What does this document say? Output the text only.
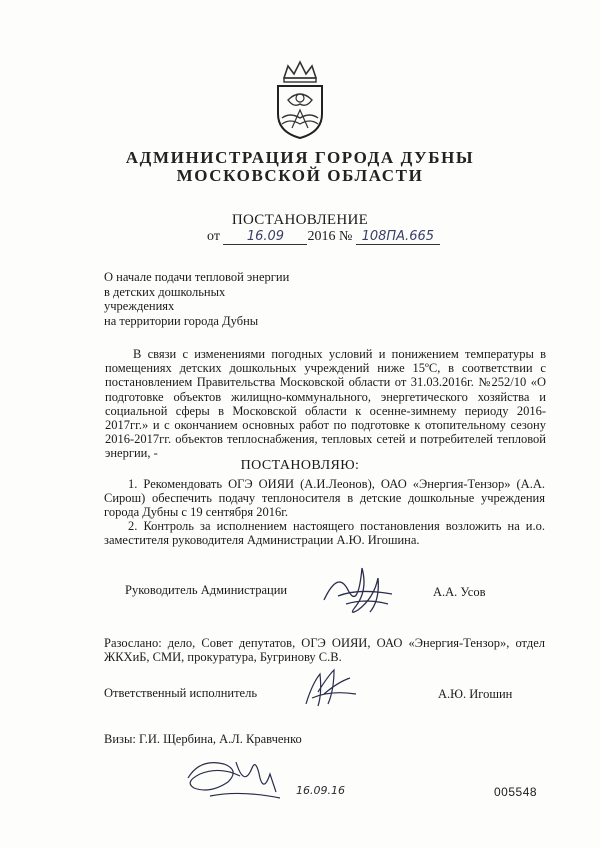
АДМИНИСТРАЦИЯ ГОРОДА ДУБНЫ
МОСКОВСКОЙ ОБЛАСТИ
ПОСТАНОВЛЕНИЕ
от 16.09 2016 № 108ПА.665
О начале подачи тепловой энергии
в детских дошкольных
учреждениях
на территории города Дубны
В связи с изменениями погодных условий и понижением температуры в помещениях детских дошкольных учреждений ниже 15ºС, в соответствии с постановлением Правительства Московской области от 31.03.2016г. №252/10 «О подготовке объектов жилищно-коммунального, энергетического хозяйства и социальной сферы в Московской области к осенне-зимнему периоду 2016-2017гг.» и с окончанием основных работ по подготовке к отопительному сезону 2016-2017гг. объектов теплоснабжения, тепловых сетей и потребителей тепловой энергии, -
ПОСТАНОВЛЯЮ:
1. Рекомендовать ОГЭ ОИЯИ (А.И.Леонов), ОАО «Энергия-Тензор» (А.А. Сирош) обеспечить подачу теплоносителя в детские дошкольные учреждения города Дубны с 19 сентября 2016г.
2. Контроль за исполнением настоящего постановления возложить на и.о. заместителя руководителя Администрации А.Ю. Игошина.
Руководитель Администрации	А.А. Усов
Разослано: дело, Совет депутатов, ОГЭ ОИЯИ, ОАО «Энергия-Тензор», отдел ЖКХиБ, СМИ, прокуратура, Бугринову С.В.
Ответственный исполнитель	А.Ю. Игошин
Визы: Г.И. Щербина, А.Л. Кравченко
16.09.16	005548
